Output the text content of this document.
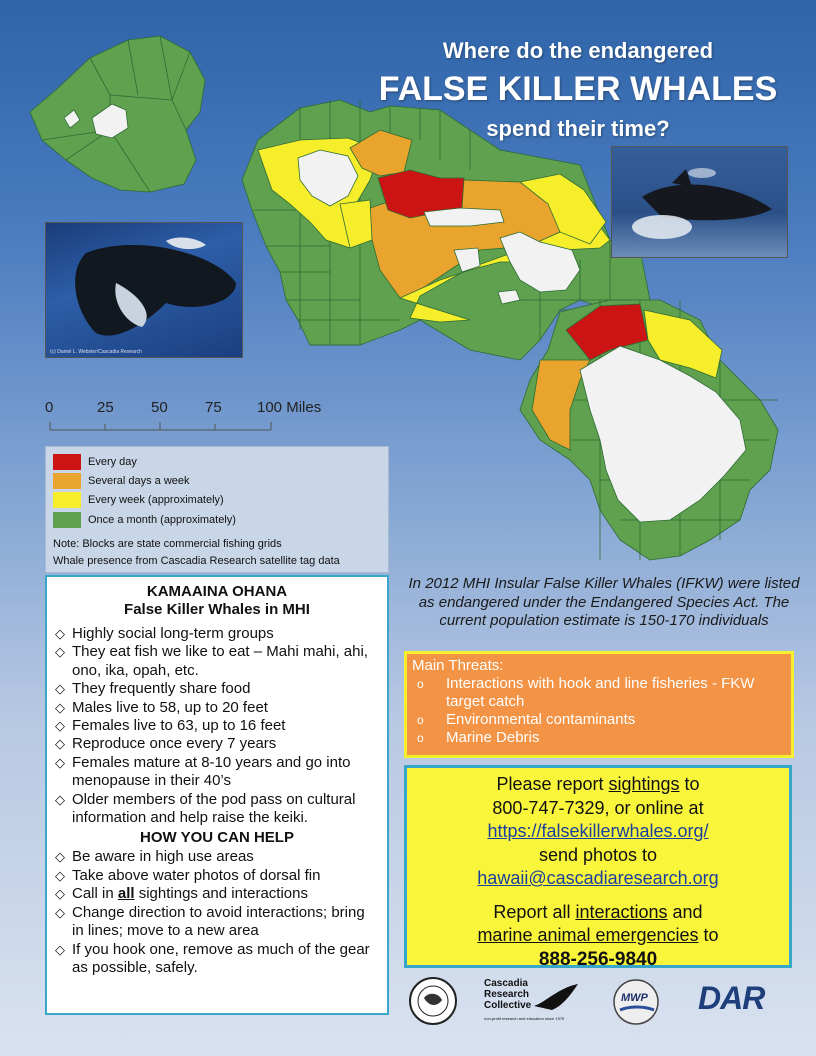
Where do the endangered
FALSE KILLER WHALES
spend their time?
(c) Daniel L. Webster/Cascadia Research
0	25 50 75 100 Miles
Every day
Several days a week
Every week (approximately)
Once a month (approximately)
Note: Blocks are state commercial fishing grids
Whale presence from Cascadia Research satellite tag data
KAMAAINA OHANA
False Killer Whales in MHI
◇ Highly social long-term groups
◇ They eat fish we like to eat – Mahi mahi, ahi, ono, ika, opah, etc.
◇ They frequently share food
◇ Males live to 58, up to 20 feet
◇ Females live to 63, up to 16 feet
◇ Reproduce once every 7 years
◇ Females mature at 8-10 years and go into menopause in their 40’s
◇ Older members of the pod pass on cultural information and help raise the keiki.
HOW YOU CAN HELP
◇ Be aware in high use areas
◇ Take above water photos of dorsal fin
◇ Call in all sightings and interactions
◇ Change direction to avoid interactions; bring in lines; move to a new area
◇ If you hook one, remove as much of the gear as possible, safely.
In 2012 MHI Insular False Killer Whales (IFKW) were listed as endangered under the Endangered Species Act. The current population estimate is 150-170 individuals
Main Threats:
o Interactions with hook and line fisheries - FKW target catch
o Environmental contaminants
o Marine Debris
Please report sightings to
800-747-7329, or online at
https://falsekillerwhales.org/
send photos to
hawaii@cascadiaresearch.org
Report all interactions and
marine animal emergencies to
888-256-9840
Cascadia
Research
Collective
non-profit research and education since 1979
MWP DAR
